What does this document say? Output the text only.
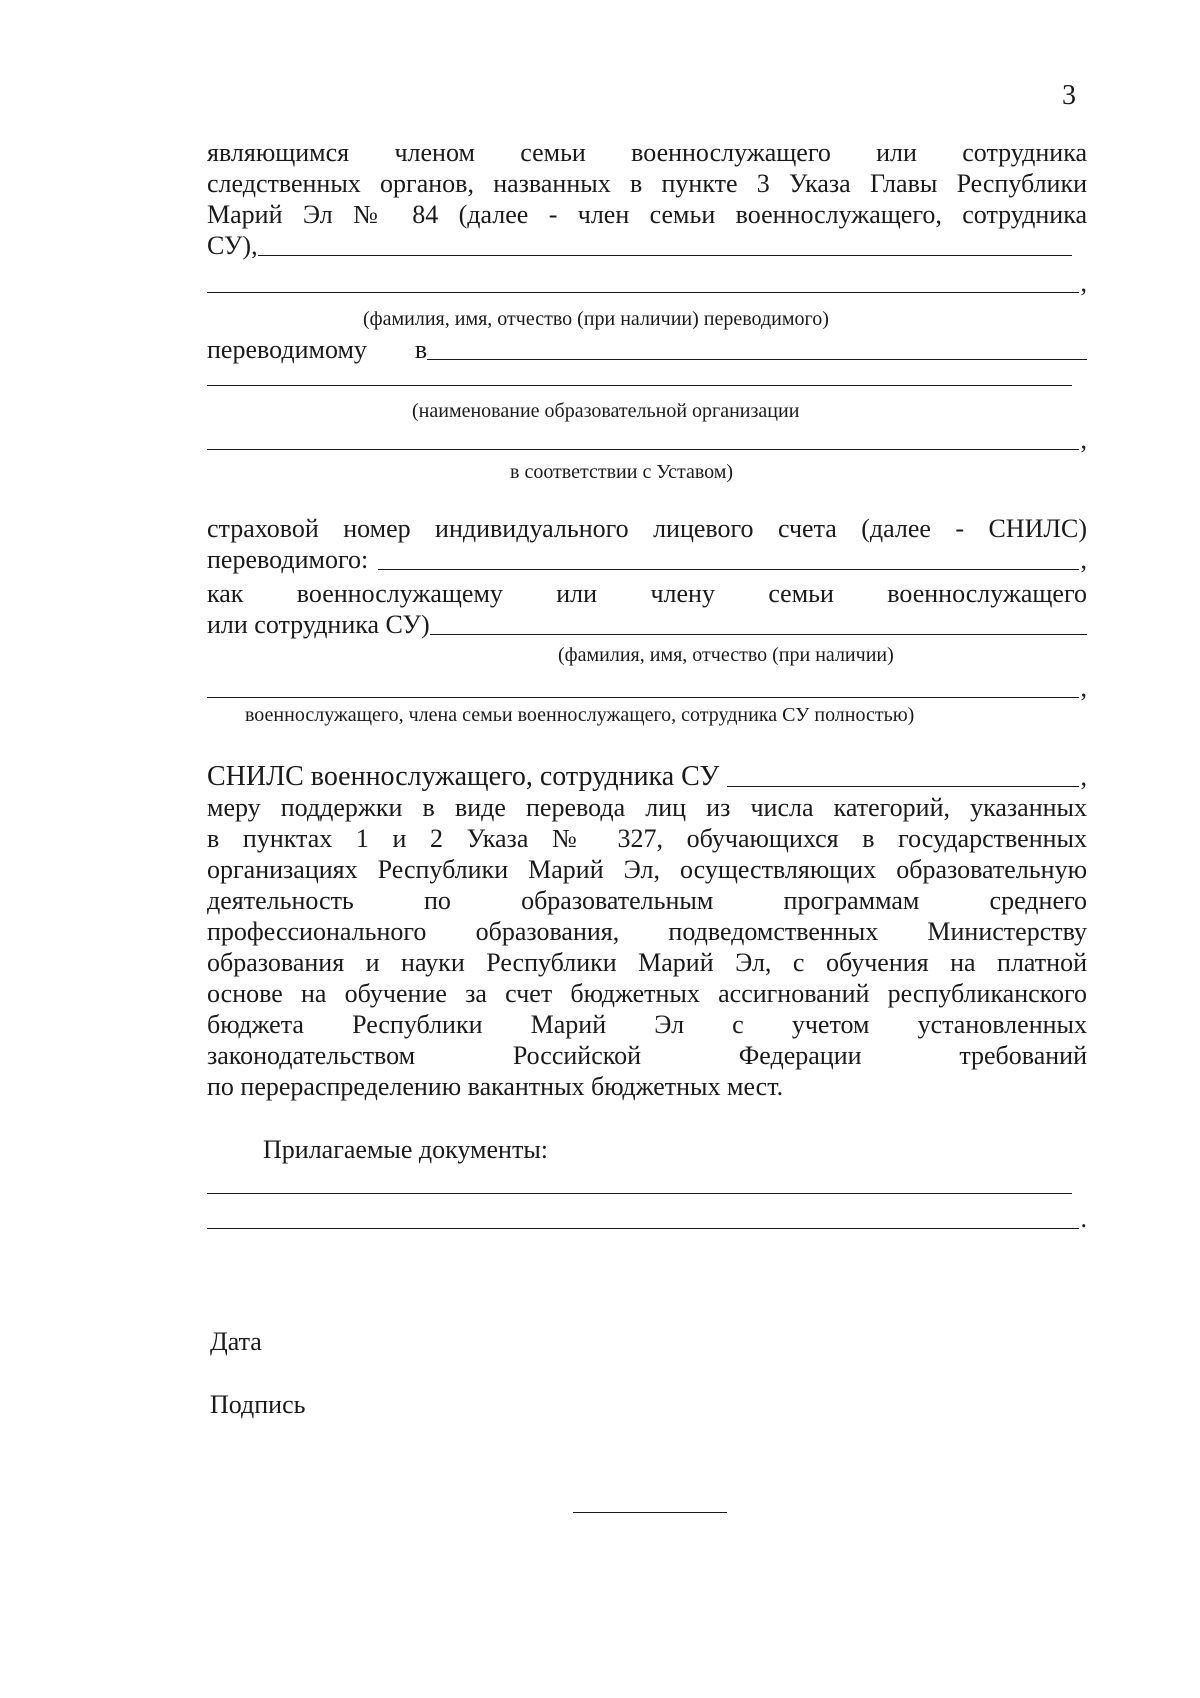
3
являющимся членом семьи военнослужащего или сотрудника
следственных органов, названных в пункте 3 Указа Главы Республики
Марий Эл № 84 (далее - член семьи военнослужащего, сотрудника
СУ),
,
(фамилия, имя, отчество (при наличии) переводимого)
переводимому в
(наименование образовательной организации
,
в соответствии с Уставом)
страховой номер индивидуального лицевого счета (далее - СНИЛС)
переводимого:	,
как военнослужащему или члену семьи военнослужащего
или сотрудника СУ)
(фамилия, имя, отчество (при наличии)
,
военнослужащего, члена семьи военнослужащего, сотрудника СУ полностью)
СНИЛС военнослужащего, сотрудника СУ	,
меру поддержки в виде перевода лиц из числа категорий, указанных
в пунктах 1 и 2 Указа № 327, обучающихся в государственных
организациях Республики Марий Эл, осуществляющих образовательную
деятельность по образовательным программам среднего
профессионального образования, подведомственных Министерству
образования и науки Республики Марий Эл, с обучения на платной
основе на обучение за счет бюджетных ассигнований республиканского
бюджета Республики Марий Эл с учетом установленных
законодательством Российской Федерации требований
по перераспределению вакантных бюджетных мест.
Прилагаемые документы:
.
Дата
Подпись
